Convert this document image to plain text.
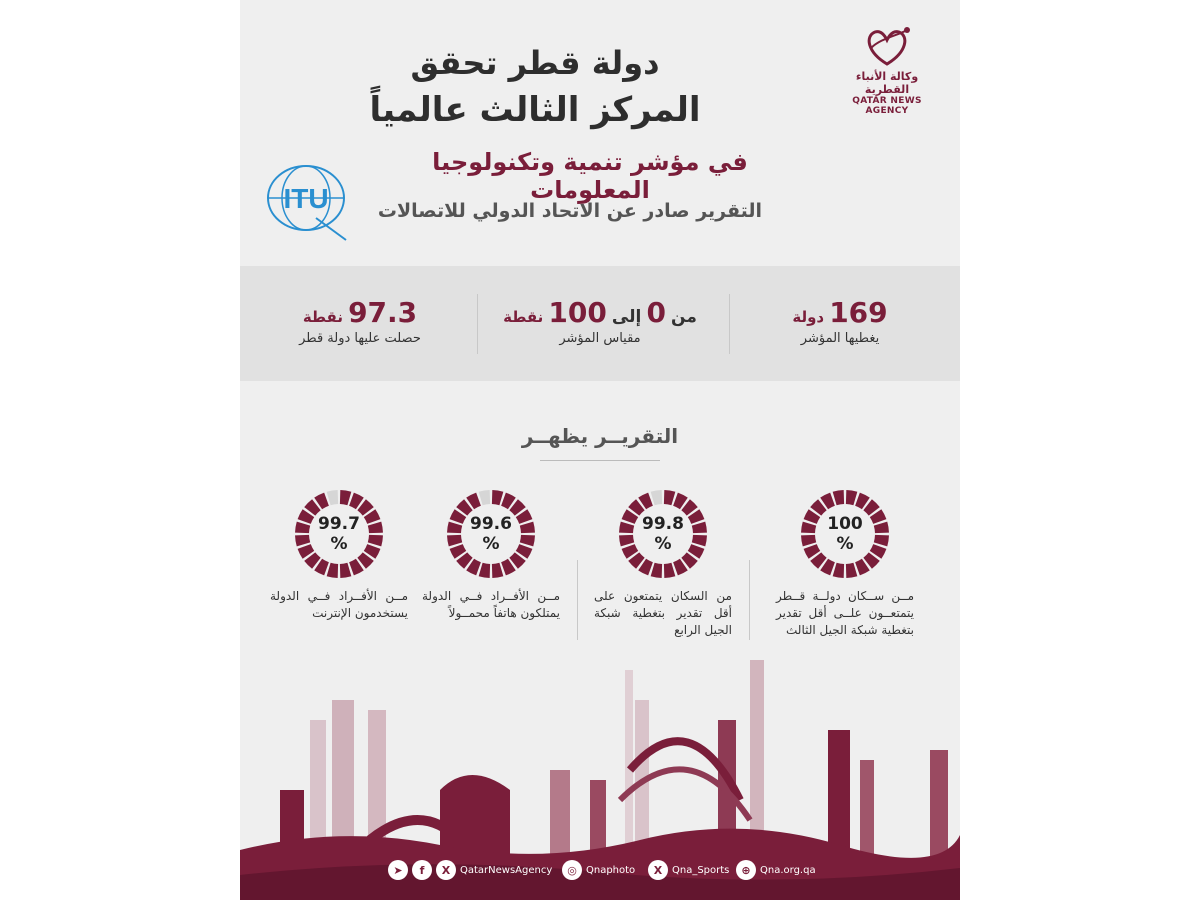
وكالة الأنباء القطرية
QATAR NEWS AGENCY
دولة قطر تحقق
المركز الثالث عالمياً
في مؤشر تنمية وتكنولوجيا المعلومات
التقرير صادر عن الاتحاد الدولي للاتصالات
ITU
169 دولة
يغطيها المؤشر
من 0 إلى 100 نقطة
مقياس المؤشر
97.3 نقطة
حصلت عليها دولة قطر
التقريــر يظهــر
100
%
مــن ســكان دولــة قــطر يتمتعــون علــى أقل تقدير بتغطية شبكة الجيل الثالث
99.8
%
من السكان يتمتعون على أقل تقدير بتغطية شبكة الجيل الرابع
99.6
%
مــن الأفــراد فــي الدولة يمتلكون هاتفاً محمــولاً
99.7
%
مــن الأفــراد فــي الدولة يستخدمون الإنترنت
➤	f	X QatarNewsAgency	◎ Qnaphoto	X Qna_Sports	⊕ Qna.org.qa
